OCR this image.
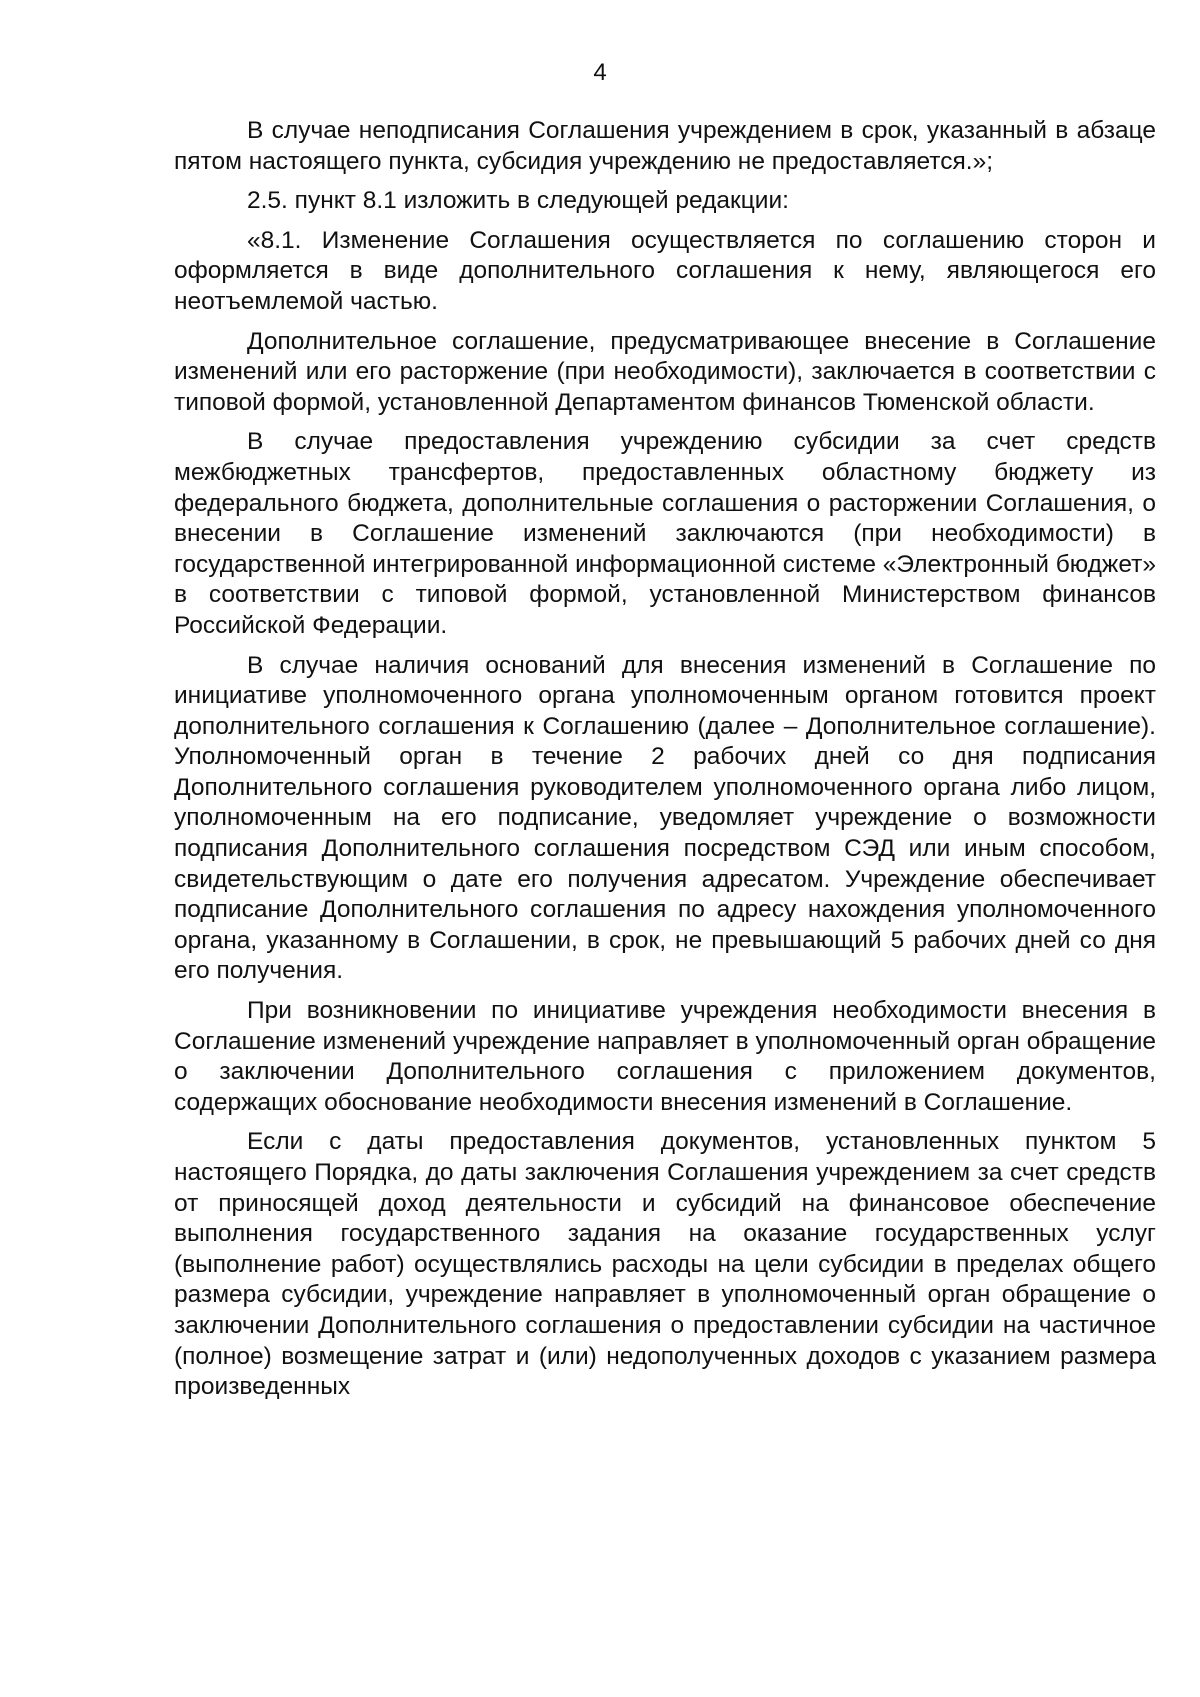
4

В случае неподписания Соглашения учреждением в срок, указанный в абзаце пятом настоящего пункта, субсидия учреждению не предоставляется.»;

2.5. пункт 8.1 изложить в следующей редакции:

«8.1. Изменение Соглашения осуществляется по соглашению сторон и оформляется в виде дополнительного соглашения к нему, являющегося его неотъемлемой частью.

Дополнительное соглашение, предусматривающее внесение в Соглашение изменений или его расторжение (при необходимости), заключается в соответствии с типовой формой, установленной Департаментом финансов Тюменской области.

В случае предоставления учреждению субсидии за счет средств межбюджетных трансфертов, предоставленных областному бюджету из федерального бюджета, дополнительные соглашения о расторжении Соглашения, о внесении в Соглашение изменений заключаются (при необходимости) в государственной интегрированной информационной системе «Электронный бюджет» в соответствии с типовой формой, установленной Министерством финансов Российской Федерации.

В случае наличия оснований для внесения изменений в Соглашение по инициативе уполномоченного органа уполномоченным органом готовится проект дополнительного соглашения к Соглашению (далее – Дополнительное соглашение). Уполномоченный орган в течение 2 рабочих дней со дня подписания Дополнительного соглашения руководителем уполномоченного органа либо лицом, уполномоченным на его подписание, уведомляет учреждение о возможности подписания Дополнительного соглашения посредством СЭД или иным способом, свидетельствующим о дате его получения адресатом. Учреждение обеспечивает подписание Дополнительного соглашения по адресу нахождения уполномоченного органа, указанному в Соглашении, в срок, не превышающий 5 рабочих дней со дня его получения.

При возникновении по инициативе учреждения необходимости внесения в Соглашение изменений учреждение направляет в уполномоченный орган обращение о заключении Дополнительного соглашения с приложением документов, содержащих обоснование необходимости внесения изменений в Соглашение.

Если с даты предоставления документов, установленных пунктом 5 настоящего Порядка, до даты заключения Соглашения учреждением за счет средств от приносящей доход деятельности и субсидий на финансовое обеспечение выполнения государственного задания на оказание государственных услуг (выполнение работ) осуществлялись расходы на цели субсидии в пределах общего размера субсидии, учреждение направляет в уполномоченный орган обращение о заключении Дополнительного соглашения о предоставлении субсидии на частичное (полное) возмещение затрат и (или) недополученных доходов с указанием размера произведенных
